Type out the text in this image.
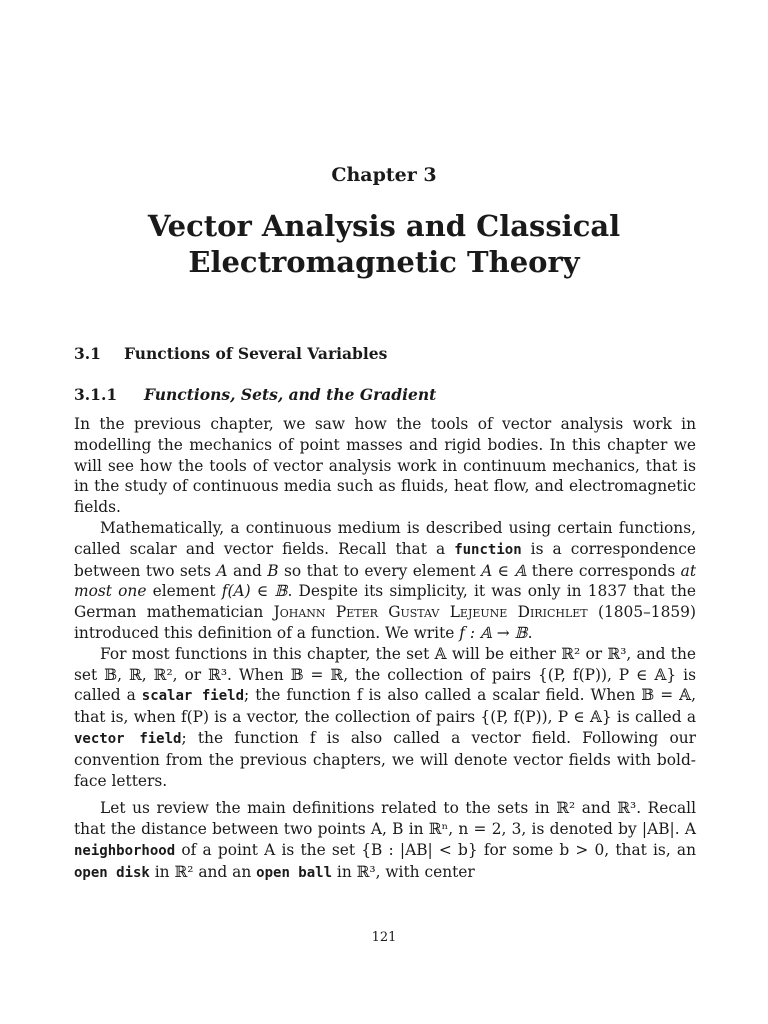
Chapter 3
Vector Analysis and Classical
Electromagnetic Theory
3.1 Functions of Several Variables
3.1.1 Functions, Sets, and the Gradient

In the previous chapter, we saw how the tools of vector analysis work in modelling the mechanics of point masses and rigid bodies. In this chapter we will see how the tools of vector analysis work in continuum mechanics, that is in the study of continuous media such as fluids, heat flow, and electromagnetic fields.

Mathematically, a continuous medium is described using certain functions, called scalar and vector fields. Recall that a function is a correspondence between two sets A and B so that to every element A ∈ 𝔸 there corresponds at most one element f(A) ∈ 𝔹. Despite its simplicity, it was only in 1837 that the German mathematician Johann Peter Gustav Lejeune Dirichlet (1805–1859) introduced this definition of a function. We write f : 𝔸 → 𝔹.

For most functions in this chapter, the set 𝔸 will be either ℝ² or ℝ³, and the set 𝔹, ℝ, ℝ², or ℝ³. When 𝔹 = ℝ, the collection of pairs {(P, f(P)), P ∈ 𝔸} is called a scalar field; the function f is also called a scalar field. When 𝔹 = 𝔸, that is, when f(P) is a vector, the collection of pairs {(P, f(P)), P ∈ 𝔸} is called a vector field; the function f is also called a vector field. Following our convention from the previous chapters, we will denote vector fields with bold-face letters.

Let us review the main definitions related to the sets in ℝ² and ℝ³. Recall that the distance between two points A, B in ℝⁿ, n = 2, 3, is denoted by |AB|. A neighborhood of a point A is the set {B : |AB| < b} for some b > 0, that is, an open disk in ℝ² and an open ball in ℝ³, with center

121
